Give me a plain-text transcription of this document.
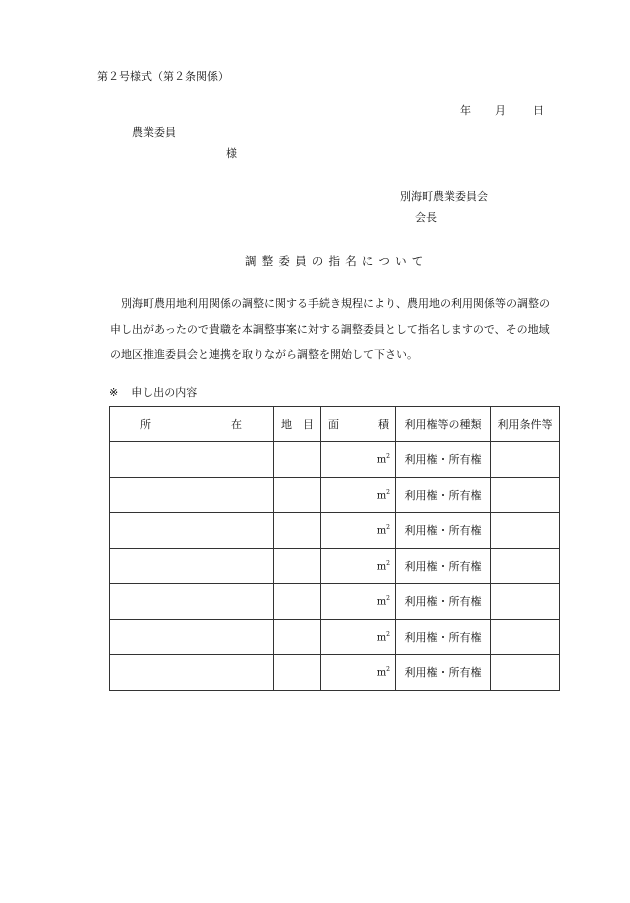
第２号様式（第２条関係）
年 月 日
農業委員
様
別海町農業委員会
会長
調整委員の指名について

別海町農用地利用関係の調整に関する手続き規程により、農用地の利用関係等の調整の申し出があったので貴職を本調整事案に対する調整委員として指名しますので、その地域の地区推進委員会と連携を取りながら調整を開始して下さい。

※ 申し出の内容
所 在	地 目	面 積	利用権等の種類	利用条件等
		$m^2$	利用権・所有権	
		$m^2$	利用権・所有権	
		$m^2$	利用権・所有権	
		$m^2$	利用権・所有権	
		$m^2$	利用権・所有権	
		$m^2$	利用権・所有権	
		$m^2$	利用権・所有権	
